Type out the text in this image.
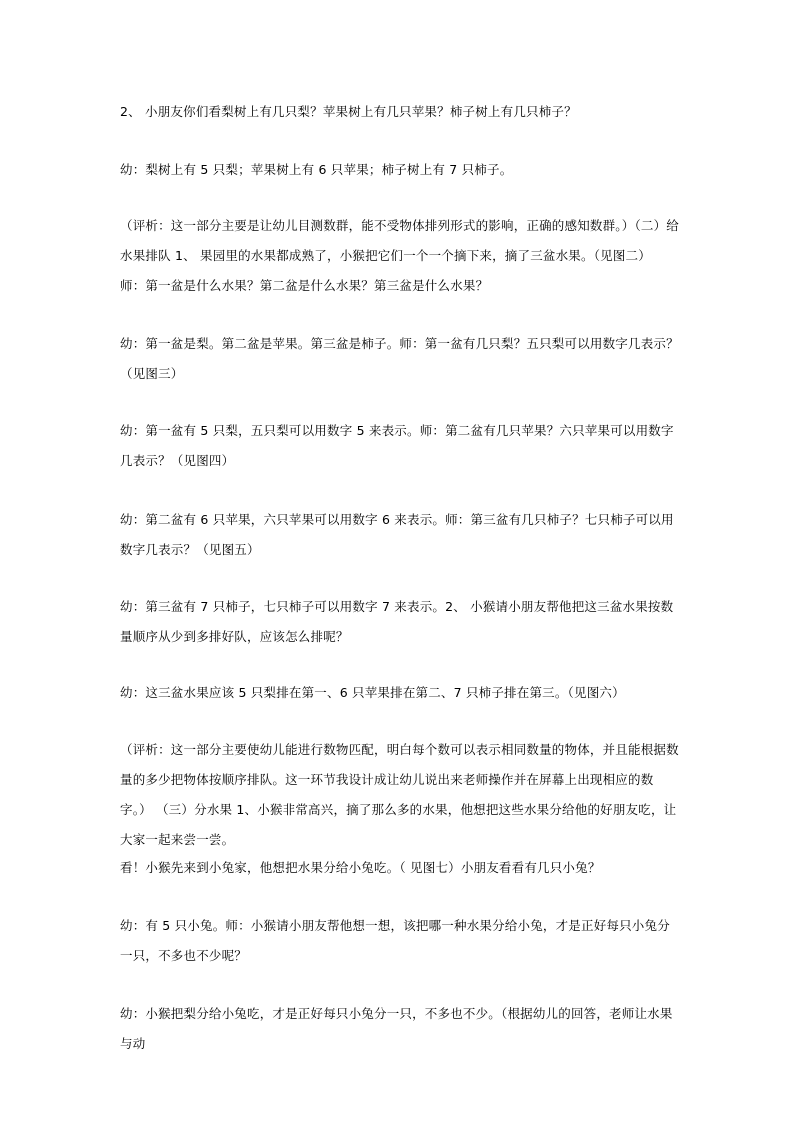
2、 小朋友你们看梨树上有几只梨？苹果树上有几只苹果？柿子树上有几只柿子？

幼：梨树上有 5 只梨；苹果树上有 6 只苹果；柿子树上有 7 只柿子。

（评析：这一部分主要是让幼儿目测数群，能不受物体排列形式的影响，正确的感知数群。）（二）给水果排队 1、 果园里的水果都成熟了，小猴把它们一个一个摘下来，摘了三盆水果。（见图二） 师：第一盆是什么水果？第二盆是什么水果？第三盆是什么水果？

幼：第一盆是梨。第二盆是苹果。第三盆是柿子。师：第一盆有几只梨？五只梨可以用数字几表示？（见图三）

幼：第一盆有 5 只梨，五只梨可以用数字 5 来表示。师：第二盆有几只苹果？六只苹果可以用数字几表示？（见图四）

幼：第二盆有 6 只苹果，六只苹果可以用数字 6 来表示。师：第三盆有几只柿子？七只柿子可以用数字几表示？（见图五）

幼：第三盆有 7 只柿子，七只柿子可以用数字 7 来表示。2、 小猴请小朋友帮他把这三盆水果按数量顺序从少到多排好队，应该怎么排呢？

幼：这三盆水果应该 5 只梨排在第一、6 只苹果排在第二、7 只柿子排在第三。（见图六）

（评析：这一部分主要使幼儿能进行数物匹配，明白每个数可以表示相同数量的物体，并且能根据数量的多少把物体按顺序排队。这一环节我设计成让幼儿说出来老师操作并在屏幕上出现相应的数字。） （三）分水果 1、小猴非常高兴，摘了那么多的水果，他想把这些水果分给他的好朋友吃，让大家一起来尝一尝。

看！小猴先来到小兔家，他想把水果分给小兔吃。（ 见图七）小朋友看看有几只小兔？

幼：有 5 只小兔。师：小猴请小朋友帮他想一想，该把哪一种水果分给小兔，才是正好每只小兔分一只，不多也不少呢？

幼：小猴把梨分给小兔吃，才是正好每只小兔分一只，不多也不少。（根据幼儿的回答，老师让水果与动
